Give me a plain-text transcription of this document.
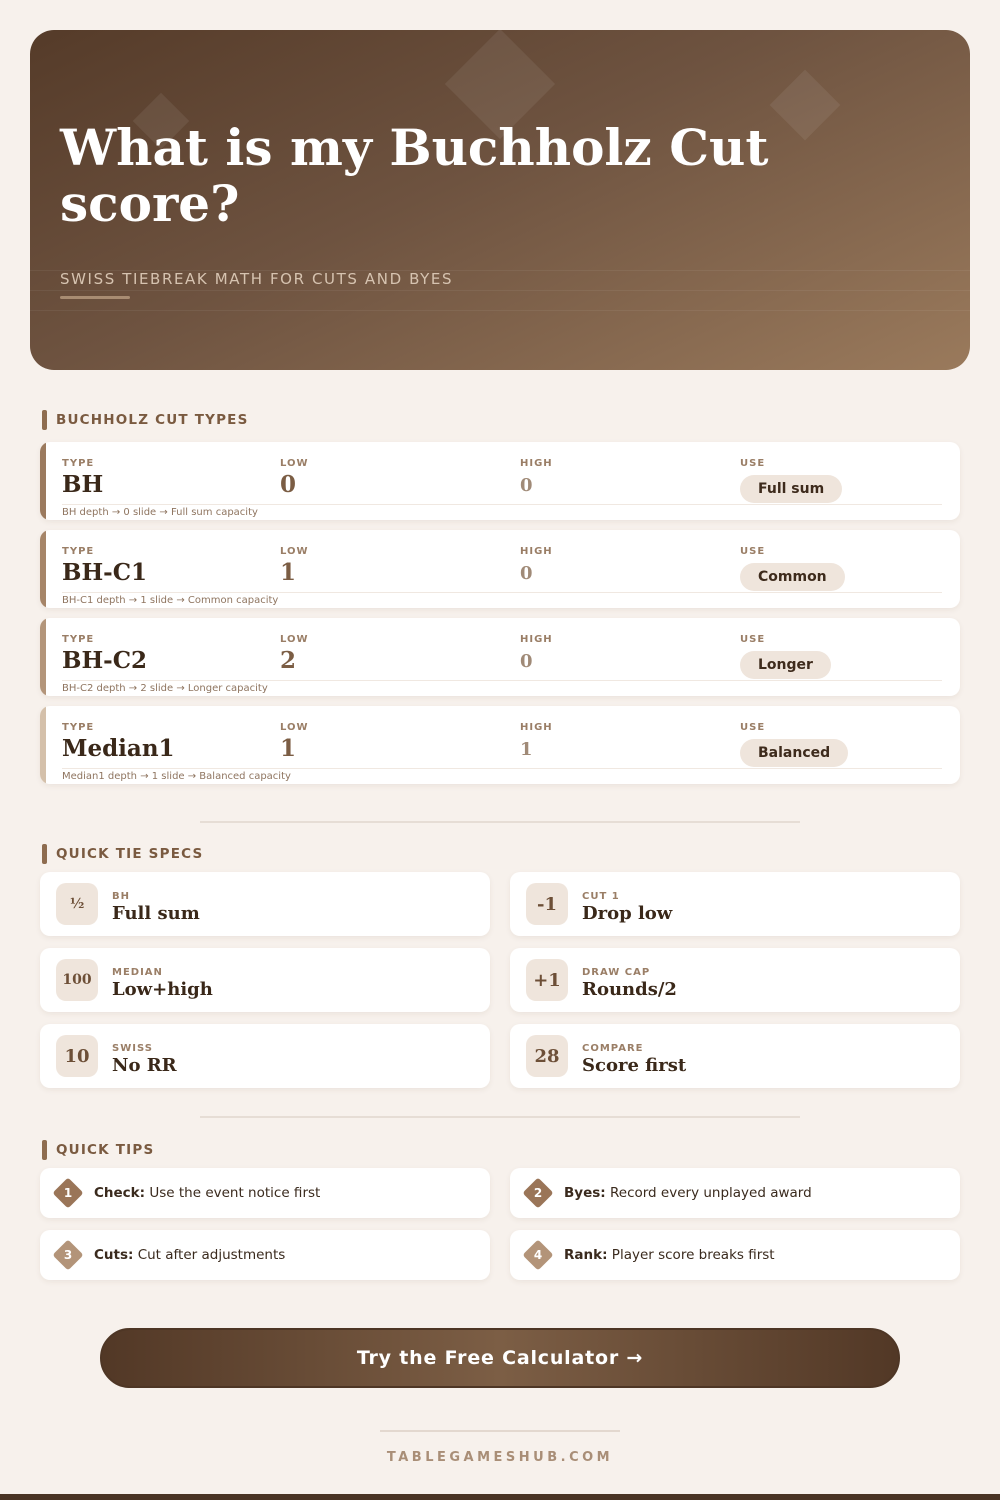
What is my Buchholz Cut score?
SWISS TIEBREAK MATH FOR CUTS AND BYES
BUCHHOLZ CUT TYPES
TYPE
BH
LOW
0
HIGH
0
USE
Full sum
BH depth → 0 slide → Full sum capacity
TYPE
BH-C1
LOW
1
HIGH
0
USE
Common
BH-C1 depth → 1 slide → Common capacity
TYPE
BH-C2
LOW
2
HIGH
0
USE
Longer
BH-C2 depth → 2 slide → Longer capacity
TYPE
Median1
LOW
1
HIGH
1
USE
Balanced
Median1 depth → 1 slide → Balanced capacity
QUICK TIE SPECS
½	BH
Full sum	-1	CUT 1
Drop low
100	MEDIAN
Low+high	+1	DRAW CAP
Rounds/2
10	SWISS
No RR	28	COMPARE
Score first
QUICK TIPS
1	Check: Use the event notice first	2	Byes: Record every unplayed award
3	Cuts: Cut after adjustments	4	Rank: Player score breaks first
Try the Free Calculator →
TABLEGAMESHUB.COM
